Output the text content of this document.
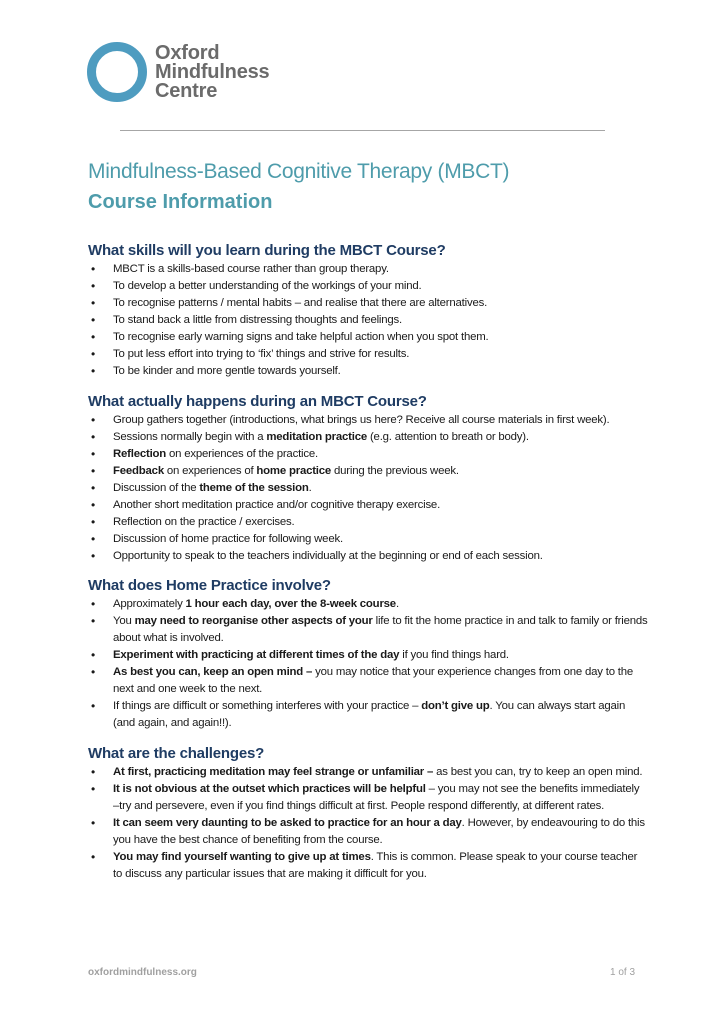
Oxford
Mindfulness
Centre
Mindfulness-Based Cognitive Therapy (MBCT)
Course Information
What skills will you learn during the MBCT Course?
• MBCT is a skills-based course rather than group therapy.
• To develop a better understanding of the workings of your mind.
• To recognise patterns / mental habits – and realise that there are alternatives.
• To stand back a little from distressing thoughts and feelings.
• To recognise early warning signs and take helpful action when you spot them.
• To put less effort into trying to ‘fix’ things and strive for results.
• To be kinder and more gentle towards yourself.
What actually happens during an MBCT Course?
• Group gathers together (introductions, what brings us here? Receive all course materials in first week).
• Sessions normally begin with a meditation practice (e.g. attention to breath or body).
• Reflection on experiences of the practice.
• Feedback on experiences of home practice during the previous week.
• Discussion of the theme of the session.
• Another short meditation practice and/or cognitive therapy exercise.
• Reflection on the practice / exercises.
• Discussion of home practice for following week.
• Opportunity to speak to the teachers individually at the beginning or end of each session.
What does Home Practice involve?
• Approximately 1 hour each day, over the 8-week course.
• You may need to reorganise other aspects of your life to fit the home practice in and talk to family or friends about what is involved.
• Experiment with practicing at different times of the day if you find things hard.
• As best you can, keep an open mind – you may notice that your experience changes from one day to the next and one week to the next.
• If things are difficult or something interferes with your practice – don’t give up. You can always start again (and again, and again!!).
What are the challenges?
• At first, practicing meditation may feel strange or unfamiliar – as best you can, try to keep an open mind.
• It is not obvious at the outset which practices will be helpful – you may not see the benefits immediately –try and persevere, even if you find things difficult at first. People respond differently, at different rates.
• It can seem very daunting to be asked to practice for an hour a day. However, by endeavouring to do this you have the best chance of benefiting from the course.
• You may find yourself wanting to give up at times. This is common. Please speak to your course teacher to discuss any particular issues that are making it difficult for you.
oxfordmindfulness.org	1 of 3
